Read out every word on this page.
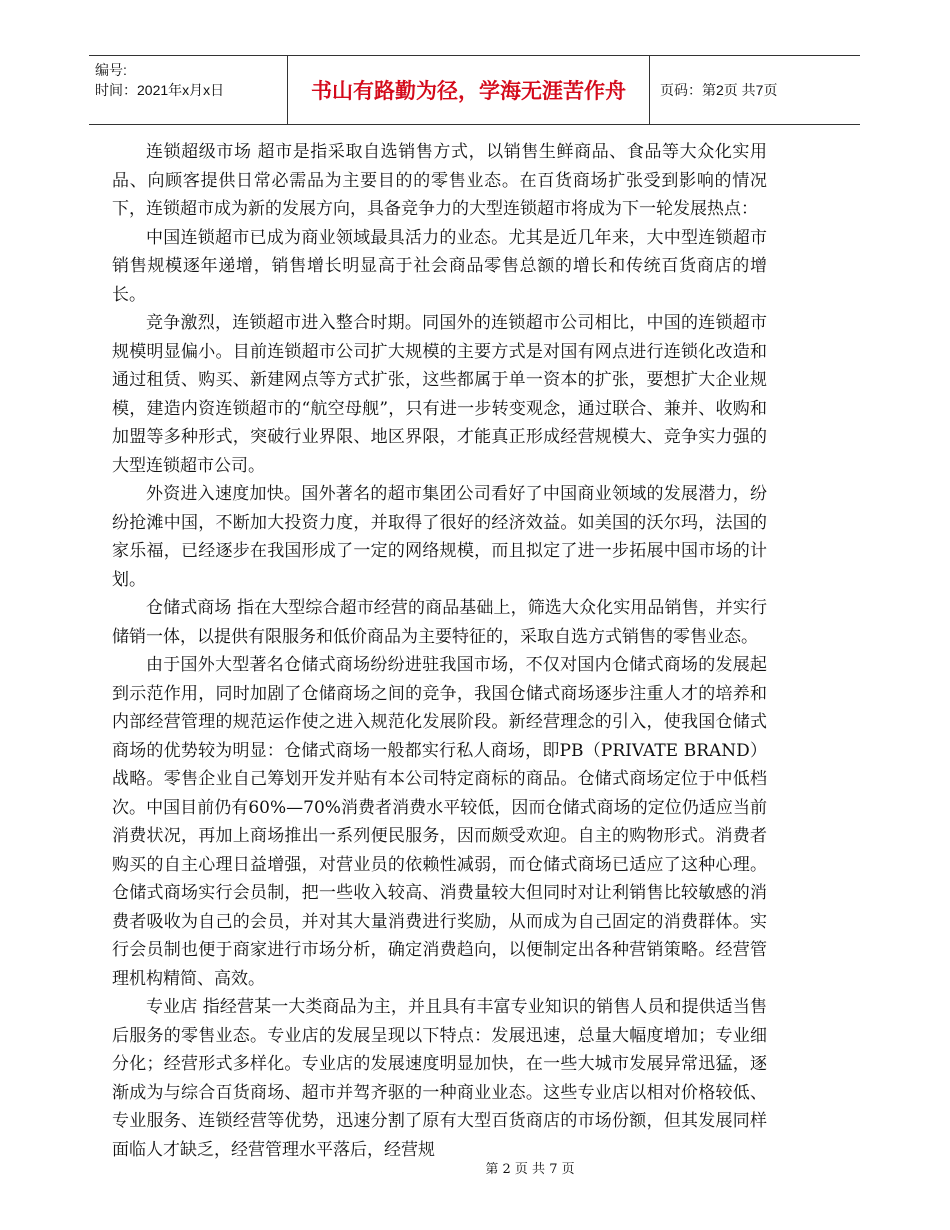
编号:
时间：2021年x月x日	书山有路勤为径，学海无涯苦作舟	页码：第2页 共7页

连锁超级市场 超市是指采取自选销售方式，以销售生鲜商品、食品等大众化实用品、向顾客提供日常必需品为主要目的的零售业态。在百货商场扩张受到影响的情况下，连锁超市成为新的发展方向，具备竞争力的大型连锁超市将成为下一轮发展热点：

中国连锁超市已成为商业领域最具活力的业态。尤其是近几年来，大中型连锁超市销售规模逐年递增，销售增长明显高于社会商品零售总额的增长和传统百货商店的增长。

竞争激烈，连锁超市进入整合时期。同国外的连锁超市公司相比，中国的连锁超市规模明显偏小。目前连锁超市公司扩大规模的主要方式是对国有网点进行连锁化改造和通过租赁、购买、新建网点等方式扩张，这些都属于单一资本的扩张，要想扩大企业规模，建造内资连锁超市的“航空母舰”，只有进一步转变观念，通过联合、兼并、收购和加盟等多种形式，突破行业界限、地区界限，才能真正形成经营规模大、竞争实力强的大型连锁超市公司。

外资进入速度加快。国外著名的超市集团公司看好了中国商业领域的发展潜力，纷纷抢滩中国，不断加大投资力度，并取得了很好的经济效益。如美国的沃尔玛，法国的家乐福，已经逐步在我国形成了一定的网络规模，而且拟定了进一步拓展中国市场的计划。

仓储式商场 指在大型综合超市经营的商品基础上，筛选大众化实用品销售，并实行储销一体，以提供有限服务和低价商品为主要特征的，采取自选方式销售的零售业态。

由于国外大型著名仓储式商场纷纷进驻我国市场，不仅对国内仓储式商场的发展起到示范作用，同时加剧了仓储商场之间的竞争，我国仓储式商场逐步注重人才的培养和内部经营管理的规范运作使之进入规范化发展阶段。新经营理念的引入，使我国仓储式商场的优势较为明显：仓储式商场一般都实行私人商场，即PB（PRIVATE BRAND）战略。零售企业自己筹划开发并贴有本公司特定商标的商品。仓储式商场定位于中低档次。中国目前仍有60%—70%消费者消费水平较低，因而仓储式商场的定位仍适应当前消费状况，再加上商场推出一系列便民服务，因而颇受欢迎。自主的购物形式。消费者购买的自主心理日益增强，对营业员的依赖性减弱，而仓储式商场已适应了这种心理。仓储式商场实行会员制，把一些收入较高、消费量较大但同时对让利销售比较敏感的消费者吸收为自己的会员，并对其大量消费进行奖励，从而成为自己固定的消费群体。实行会员制也便于商家进行市场分析，确定消费趋向，以便制定出各种营销策略。经营管理机构精简、高效。

专业店 指经营某一大类商品为主，并且具有丰富专业知识的销售人员和提供适当售后服务的零售业态。专业店的发展呈现以下特点：发展迅速，总量大幅度增加；专业细分化；经营形式多样化。专业店的发展速度明显加快，在一些大城市发展异常迅猛，逐渐成为与综合百货商场、超市并驾齐驱的一种商业业态。这些专业店以相对价格较低、专业服务、连锁经营等优势，迅速分割了原有大型百货商店的市场份额，但其发展同样面临人才缺乏，经营管理水平落后，经营规

第 2 页 共 7 页
